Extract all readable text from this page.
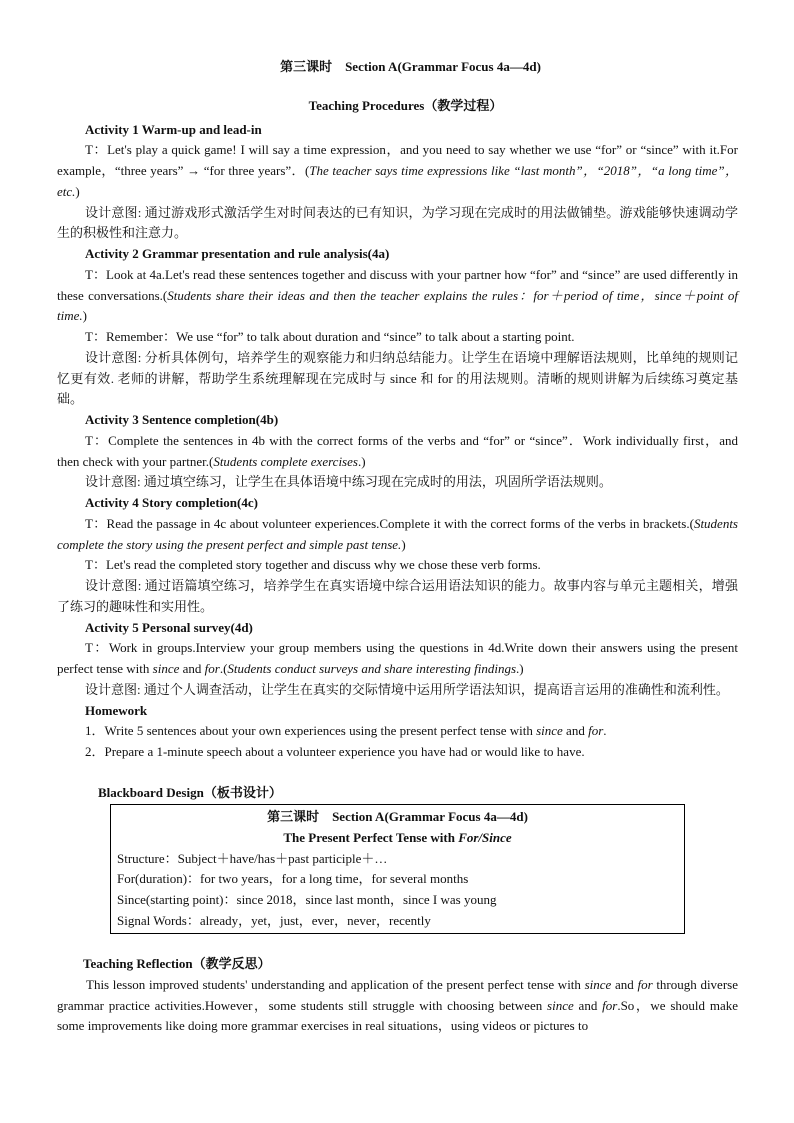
第三课时　Section A(Grammar Focus 4a—4d)

Teaching Procedures（教学过程）

Activity 1 Warm-up and lead-in

T：Let's play a quick game! I will say a time expression，and you need to say whether we use “for” or “since” with it.For example，“three years” → “for three years”．(The teacher says time expressions like “last month”，“2018”，“a long time”，etc.)

设计意图: 通过游戏形式激活学生对时间表达的已有知识，为学习现在完成时的用法做铺垫。游戏能够快速调动学生的积极性和注意力。

Activity 2 Grammar presentation and rule analysis(4a)

T：Look at 4a.Let's read these sentences together and discuss with your partner how “for” and “since” are used differently in these conversations.(Students share their ideas and then the teacher explains the rules：for＋period of time，since＋point of time.)

T：Remember：We use “for” to talk about duration and “since” to talk about a starting point.

设计意图: 分析具体例句，培养学生的观察能力和归纳总结能力。让学生在语境中理解语法规则，比单纯的规则记忆更有效. 老师的讲解，帮助学生系统理解现在完成时与 since 和 for 的用法规则。清晰的规则讲解为后续练习奠定基础。

Activity 3 Sentence completion(4b)

T：Complete the sentences in 4b with the correct forms of the verbs and “for” or “since”．Work individually first，and then check with your partner.(Students complete exercises.)

设计意图: 通过填空练习，让学生在具体语境中练习现在完成时的用法，巩固所学语法规则。

Activity 4 Story completion(4c)

T：Read the passage in 4c about volunteer experiences.Complete it with the correct forms of the verbs in brackets.(Students complete the story using the present perfect and simple past tense.)

T：Let's read the completed story together and discuss why we chose these verb forms.

设计意图: 通过语篇填空练习，培养学生在真实语境中综合运用语法知识的能力。故事内容与单元主题相关，增强了练习的趣味性和实用性。

Activity 5 Personal survey(4d)

T：Work in groups.Interview your group members using the questions in 4d.Write down their answers using the present perfect tense with since and for.(Students conduct surveys and share interesting findings.)

设计意图: 通过个人调查活动，让学生在真实的交际情境中运用所学语法知识，提高语言运用的准确性和流利性。

Homework

1．Write 5 sentences about your own experiences using the present perfect tense with since and for.

2．Prepare a 1-minute speech about a volunteer experience you have had or would like to have.

Blackboard Design（板书设计）

第三课时　Section A(Grammar Focus 4a—4d)

The Present Perfect Tense with For/Since

Structure：Subject＋have/has＋past participle＋…

For(duration)：for two years，for a long time，for several months

Since(starting point)：since 2018，since last month，since I was young

Signal Words：already，yet，just，ever，never，recently

Teaching Reflection（教学反思）

This lesson improved students' understanding and application of the present perfect tense with since and for through diverse grammar practice activities.However，some students still struggle with choosing between since and for.So，we should make some improvements like doing more grammar exercises in real situations，using videos or pictures to
